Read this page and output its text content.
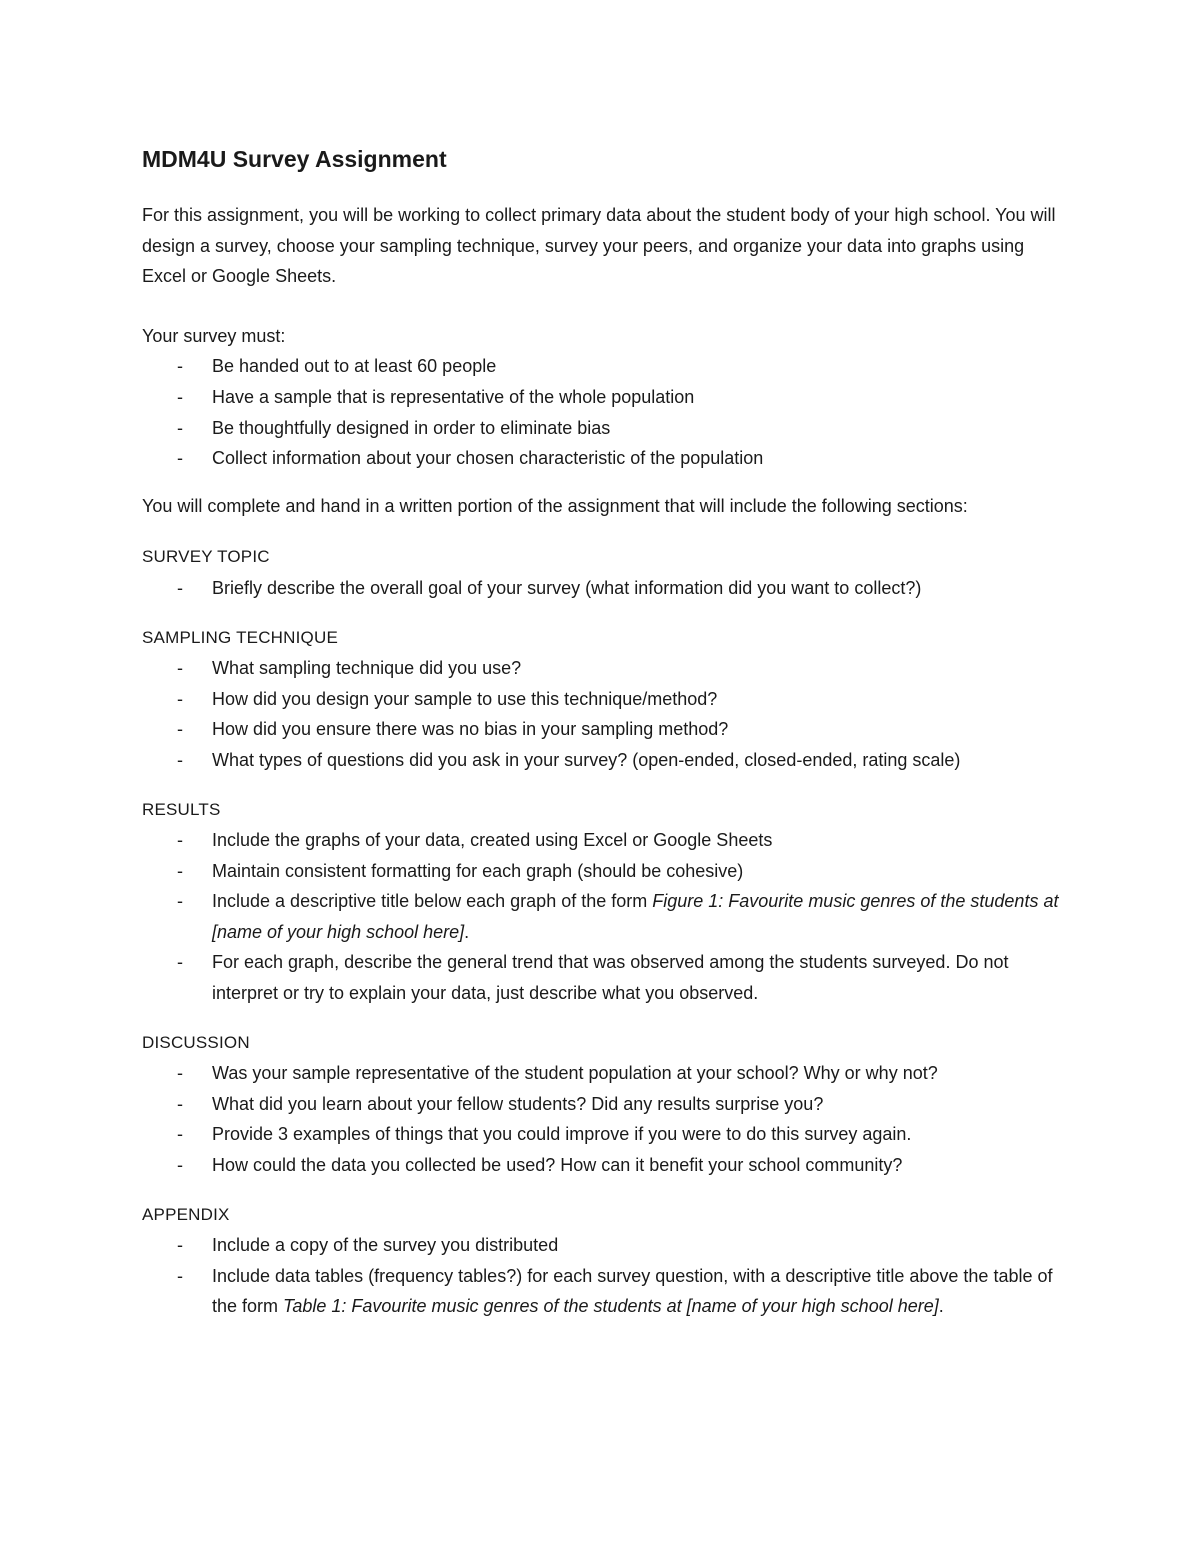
MDM4U Survey Assignment

For this assignment, you will be working to collect primary data about the student body of your high school. You will design a survey, choose your sampling technique, survey your peers, and organize your data into graphs using Excel or Google Sheets.

Your survey must:

- Be handed out to at least 60 people
- Have a sample that is representative of the whole population
- Be thoughtfully designed in order to eliminate bias
- Collect information about your chosen characteristic of the population

You will complete and hand in a written portion of the assignment that will include the following sections:

SURVEY TOPIC

- Briefly describe the overall goal of your survey (what information did you want to collect?)

SAMPLING TECHNIQUE

- What sampling technique did you use?
- How did you design your sample to use this technique/method?
- How did you ensure there was no bias in your sampling method?
- What types of questions did you ask in your survey? (open-ended, closed-ended, rating scale)

RESULTS

- Include the graphs of your data, created using Excel or Google Sheets
- Maintain consistent formatting for each graph (should be cohesive)
- Include a descriptive title below each graph of the form Figure 1: Favourite music genres of the students at [name of your high school here].
- For each graph, describe the general trend that was observed among the students surveyed. Do not interpret or try to explain your data, just describe what you observed.

DISCUSSION

- Was your sample representative of the student population at your school? Why or why not?
- What did you learn about your fellow students? Did any results surprise you?
- Provide 3 examples of things that you could improve if you were to do this survey again.
- How could the data you collected be used? How can it benefit your school community?

APPENDIX

- Include a copy of the survey you distributed
- Include data tables (frequency tables?) for each survey question, with a descriptive title above the table of the form Table 1: Favourite music genres of the students at [name of your high school here].
